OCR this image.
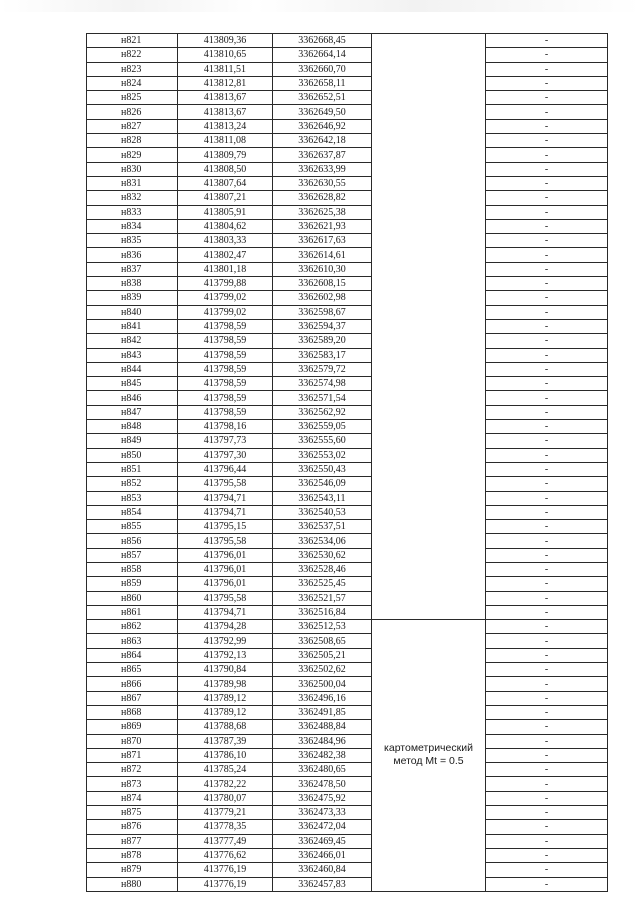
н821	413809,36	3362668,45		-
н822	413810,65	3362664,14		-
н823	413811,51	3362660,70		-
н824	413812,81	3362658,11		-
н825	413813,67	3362652,51		-
н826	413813,67	3362649,50		-
н827	413813,24	3362646,92		-
н828	413811,08	3362642,18		-
н829	413809,79	3362637,87		-
н830	413808,50	3362633,99		-
н831	413807,64	3362630,55		-
н832	413807,21	3362628,82		-
н833	413805,91	3362625,38		-
н834	413804,62	3362621,93		-
н835	413803,33	3362617,63		-
н836	413802,47	3362614,61		-
н837	413801,18	3362610,30		-
н838	413799,88	3362608,15		-
н839	413799,02	3362602,98		-
н840	413799,02	3362598,67		-
н841	413798,59	3362594,37		-
н842	413798,59	3362589,20		-
н843	413798,59	3362583,17		-
н844	413798,59	3362579,72		-
н845	413798,59	3362574,98		-
н846	413798,59	3362571,54		-
н847	413798,59	3362562,92		-
н848	413798,16	3362559,05		-
н849	413797,73	3362555,60		-
н850	413797,30	3362553,02		-
н851	413796,44	3362550,43		-
н852	413795,58	3362546,09		-
н853	413794,71	3362543,11		-
н854	413794,71	3362540,53		-
н855	413795,15	3362537,51		-
н856	413795,58	3362534,06		-
н857	413796,01	3362530,62		-
н858	413796,01	3362528,46		-
н859	413796,01	3362525,45		-
н860	413795,58	3362521,57		-
н861	413794,71	3362516,84		-
н862	413794,28	3362512,53	картометрический метод Mt = 0.5	-
н863	413792,99	3362508,65		-
н864	413792,13	3362505,21		-
н865	413790,84	3362502,62		-
н866	413789,98	3362500,04		-
н867	413789,12	3362496,16		-
н868	413789,12	3362491,85		-
н869	413788,68	3362488,84		-
н870	413787,39	3362484,96		-
н871	413786,10	3362482,38		-
н872	413785,24	3362480,65		-
н873	413782,22	3362478,50		-
н874	413780,07	3362475,92		-
н875	413779,21	3362473,33		-
н876	413778,35	3362472,04		-
н877	413777,49	3362469,45		-
н878	413776,62	3362466,01		-
н879	413776,19	3362460,84		-
н880	413776,19	3362457,83		-
